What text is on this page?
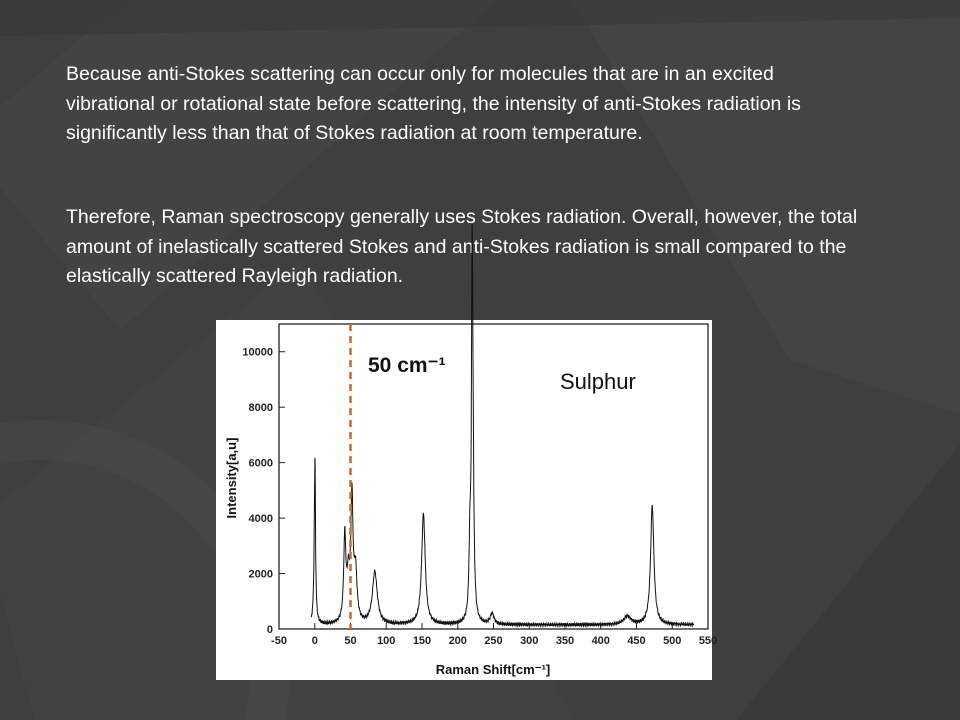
Because anti-Stokes scattering can occur only for molecules that are in an excited vibrational or rotational state before scattering, the intensity of anti-Stokes radiation is significantly less than that of Stokes radiation at room temperature.

Therefore, Raman spectroscopy generally uses Stokes radiation. Overall, however, the total amount of inelastically scattered Stokes and anti-Stokes radiation is small compared to the elastically scattered Rayleigh radiation.

-50 0 50 100 150 200 250 300 350 400 450 500 550
0
2000
4000
6000
8000
10000
50 cm⁻¹
Sulphur
Raman Shift[cm⁻¹]
Intensity[a,u]
